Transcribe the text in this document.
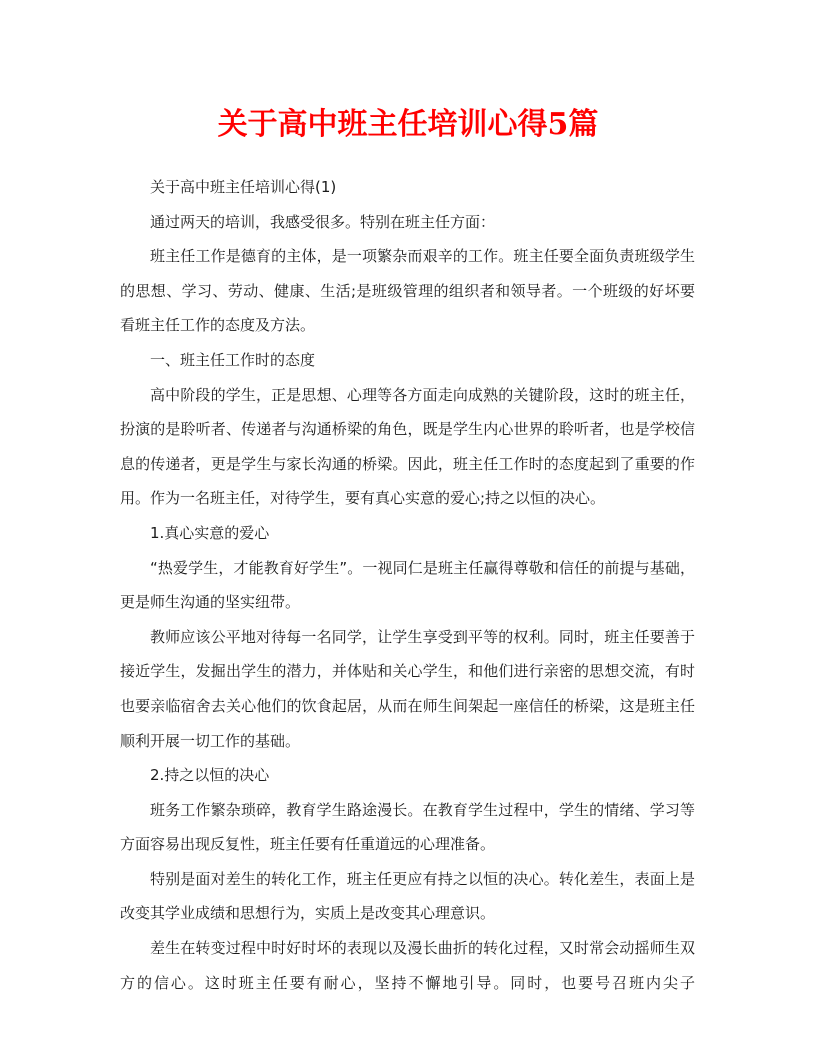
关于高中班主任培训心得5篇

关于高中班主任培训心得(1)

通过两天的培训，我感受很多。特别在班主任方面：

班主任工作是德育的主体，是一项繁杂而艰辛的工作。班主任要全面负责班级学生的思想、学习、劳动、健康、生活;是班级管理的组织者和领导者。一个班级的好坏要看班主任工作的态度及方法。

一、班主任工作时的态度

高中阶段的学生，正是思想、心理等各方面走向成熟的关键阶段，这时的班主任，扮演的是聆听者、传递者与沟通桥梁的角色，既是学生内心世界的聆听者，也是学校信息的传递者，更是学生与家长沟通的桥梁。因此，班主任工作时的态度起到了重要的作用。作为一名班主任，对待学生，要有真心实意的爱心;持之以恒的决心。

1.真心实意的爱心

“热爱学生，才能教育好学生”。一视同仁是班主任赢得尊敬和信任的前提与基础，更是师生沟通的坚实纽带。

教师应该公平地对待每一名同学，让学生享受到平等的权利。同时，班主任要善于接近学生，发掘出学生的潜力，并体贴和关心学生，和他们进行亲密的思想交流，有时也要亲临宿舍去关心他们的饮食起居，从而在师生间架起一座信任的桥梁，这是班主任顺利开展一切工作的基础。

2.持之以恒的决心

班务工作繁杂琐碎，教育学生路途漫长。在教育学生过程中，学生的情绪、学习等方面容易出现反复性，班主任要有任重道远的心理准备。

特别是面对差生的转化工作，班主任更应有持之以恒的决心。转化差生，表面上是改变其学业成绩和思想行为，实质上是改变其心理意识。

差生在转变过程中时好时坏的表现以及漫长曲折的转化过程，又时常会动摇师生双方的信心。这时班主任要有耐心，坚持不懈地引导。同时，也要号召班内尖子
